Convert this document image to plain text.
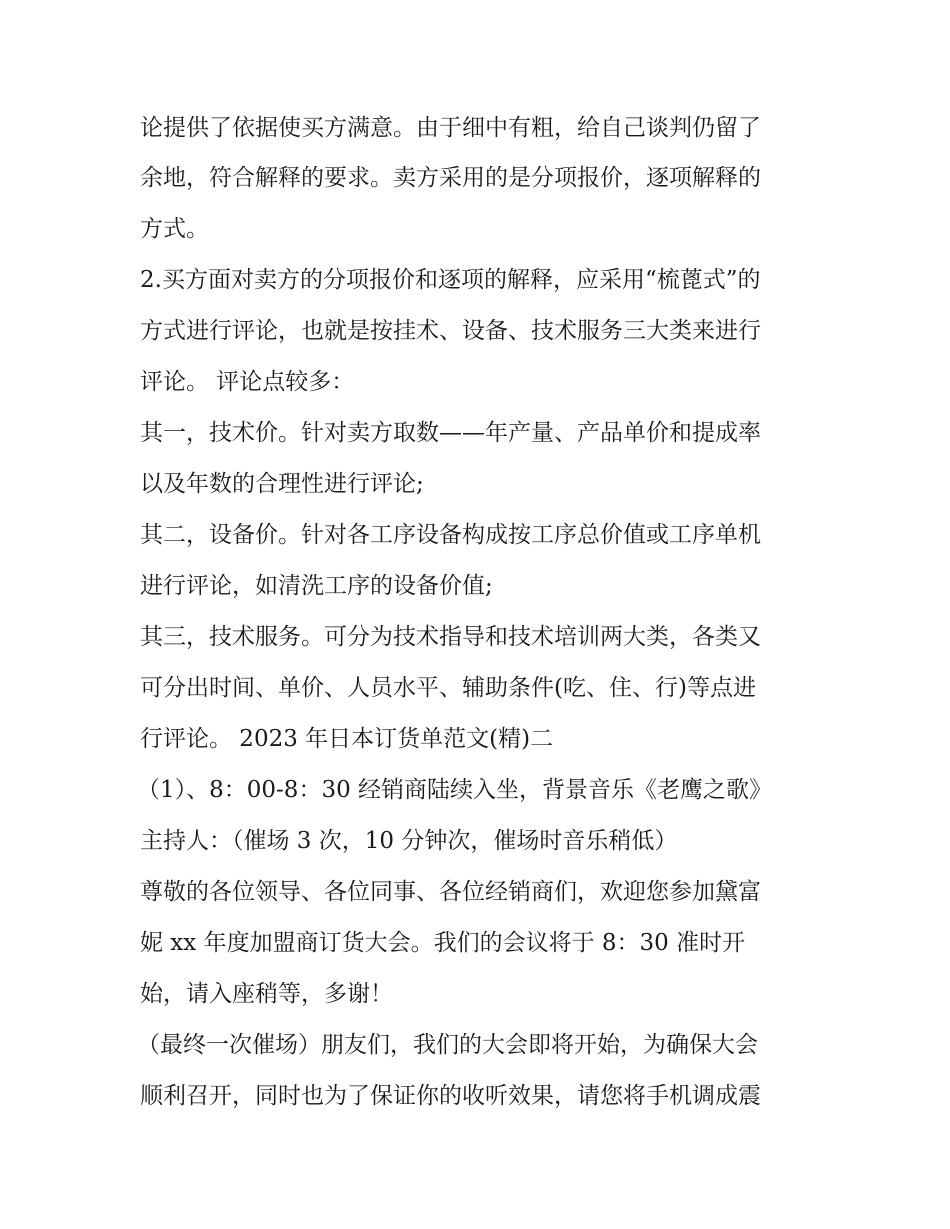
论提供了依据使买方满意。由于细中有粗，给自己谈判仍留了
余地，符合解释的要求。卖方采用的是分项报价，逐项解释的
方式。
2.买方面对卖方的分项报价和逐项的解释，应采用“梳蓖式”的
方式进行评论，也就是按挂术、设备、技术服务三大类来进行
评论。 评论点较多：
其一，技术价。针对卖方取数——年产量、产品单价和提成率
以及年数的合理性进行评论;
其二，设备价。针对各工序设备构成按工序总价值或工序单机
进行评论，如清洗工序的设备价值;
其三，技术服务。可分为技术指导和技术培训两大类，各类又
可分出时间、单价、人员水平、辅助条件(吃、住、行)等点进
行评论。 2023 年日本订货单范文(精)二
（1）、8：00-8：30 经销商陆续入坐，背景音乐《老鹰之歌》
主持人：（催场 3 次，10 分钟次，催场时音乐稍低）
尊敬的各位领导、各位同事、各位经销商们，欢迎您参加黛富
妮 xx 年度加盟商订货大会。我们的会议将于 8：30 准时开
始，请入座稍等，多谢！
（最终一次催场）朋友们，我们的大会即将开始，为确保大会
顺利召开，同时也为了保证你的收听效果，请您将手机调成震
